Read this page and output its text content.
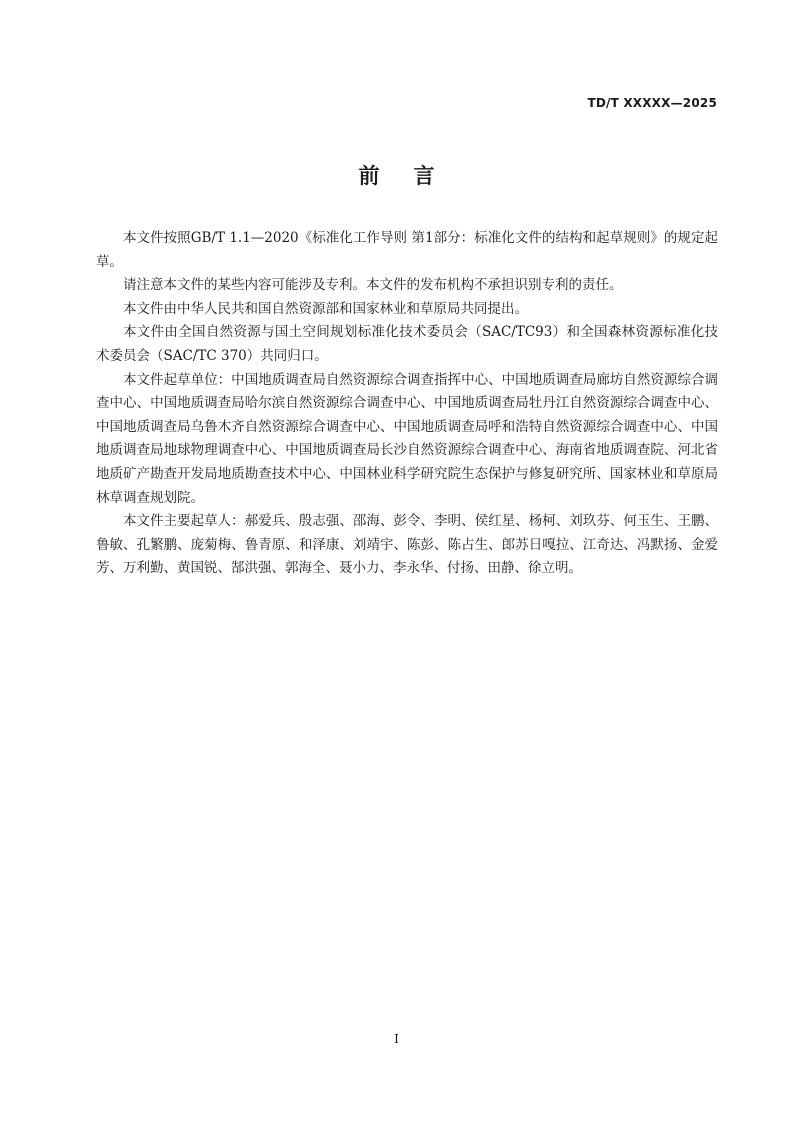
TD/T XXXXX—2025
前言

本文件按照GB/T 1.1—2020《标准化工作导则 第1部分：标准化文件的结构和起草规则》的规定起草。

请注意本文件的某些内容可能涉及专利。本文件的发布机构不承担识别专利的责任。

本文件由中华人民共和国自然资源部和国家林业和草原局共同提出。

本文件由全国自然资源与国土空间规划标准化技术委员会（SAC/TC93）和全国森林资源标准化技术委员会（SAC/TC 370）共同归口。

本文件起草单位：中国地质调查局自然资源综合调查指挥中心、中国地质调查局廊坊自然资源综合调查中心、中国地质调查局哈尔滨自然资源综合调查中心、中国地质调查局牡丹江自然资源综合调查中心、中国地质调查局乌鲁木齐自然资源综合调查中心、中国地质调查局呼和浩特自然资源综合调查中心、中国地质调查局地球物理调查中心、中国地质调查局长沙自然资源综合调查中心、海南省地质调查院、河北省地质矿产勘查开发局地质勘查技术中心、中国林业科学研究院生态保护与修复研究所、国家林业和草原局林草调查规划院。

本文件主要起草人：郝爱兵、殷志强、邵海、彭令、李明、侯红星、杨柯、刘玖芬、何玉生、王鹏、鲁敏、孔繁鹏、庞菊梅、鲁青原、和泽康、刘靖宇、陈彭、陈占生、郎苏日嘎拉、江奇达、冯默扬、金爱芳、万利勤、黄国锐、郜洪强、郭海全、聂小力、李永华、付扬、田静、徐立明。

I
